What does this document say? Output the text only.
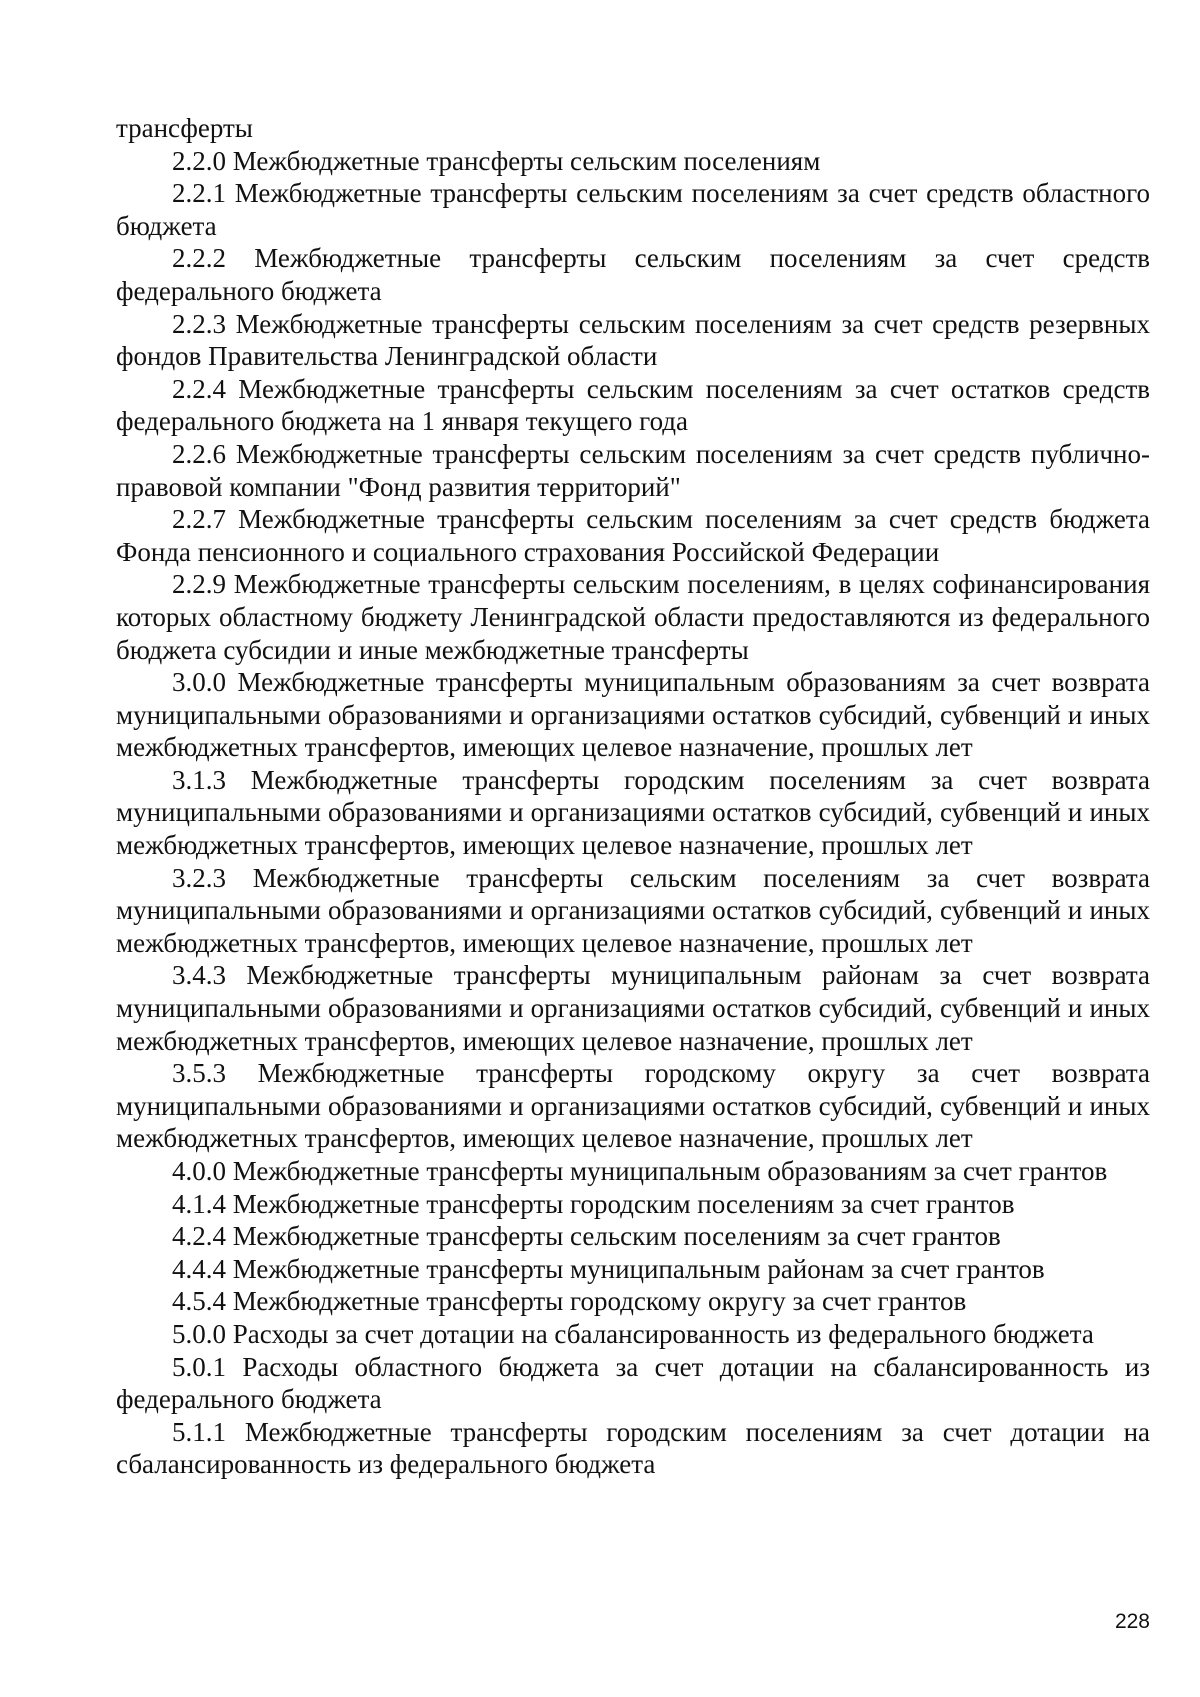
трансферты

2.2.0 Межбюджетные трансферты сельским поселениям

2.2.1 Межбюджетные трансферты сельским поселениям за счет средств областного бюджета

2.2.2 Межбюджетные трансферты сельским поселениям за счет средств федерального бюджета

2.2.3 Межбюджетные трансферты сельским поселениям за счет средств резервных фондов Правительства Ленинградской области

2.2.4 Межбюджетные трансферты сельским поселениям за счет остатков средств федерального бюджета на 1 января текущего года

2.2.6 Межбюджетные трансферты сельским поселениям за счет средств публично-правовой компании "Фонд развития территорий"

2.2.7 Межбюджетные трансферты сельским поселениям за счет средств бюджета Фонда пенсионного и социального страхования Российской Федерации

2.2.9 Межбюджетные трансферты сельским поселениям, в целях софинансирования которых областному бюджету Ленинградской области предоставляются из федерального бюджета субсидии и иные межбюджетные трансферты

3.0.0 Межбюджетные трансферты муниципальным образованиям за счет возврата муниципальными образованиями и организациями остатков субсидий, субвенций и иных межбюджетных трансфертов, имеющих целевое назначение, прошлых лет

3.1.3 Межбюджетные трансферты городским поселениям за счет возврата муниципальными образованиями и организациями остатков субсидий, субвенций и иных межбюджетных трансфертов, имеющих целевое назначение, прошлых лет

3.2.3 Межбюджетные трансферты сельским поселениям за счет возврата муниципальными образованиями и организациями остатков субсидий, субвенций и иных межбюджетных трансфертов, имеющих целевое назначение, прошлых лет

3.4.3 Межбюджетные трансферты муниципальным районам за счет возврата муниципальными образованиями и организациями остатков субсидий, субвенций и иных межбюджетных трансфертов, имеющих целевое назначение, прошлых лет

3.5.3 Межбюджетные трансферты городскому округу за счет возврата муниципальными образованиями и организациями остатков субсидий, субвенций и иных межбюджетных трансфертов, имеющих целевое назначение, прошлых лет

4.0.0 Межбюджетные трансферты муниципальным образованиям за счет грантов

4.1.4 Межбюджетные трансферты городским поселениям за счет грантов

4.2.4 Межбюджетные трансферты сельским поселениям за счет грантов

4.4.4 Межбюджетные трансферты муниципальным районам за счет грантов

4.5.4 Межбюджетные трансферты городскому округу за счет грантов

5.0.0 Расходы за счет дотации на сбалансированность из федерального бюджета

5.0.1 Расходы областного бюджета за счет дотации на сбалансированность из федерального бюджета

5.1.1 Межбюджетные трансферты городским поселениям за счет дотации на сбалансированность из федерального бюджета

228
